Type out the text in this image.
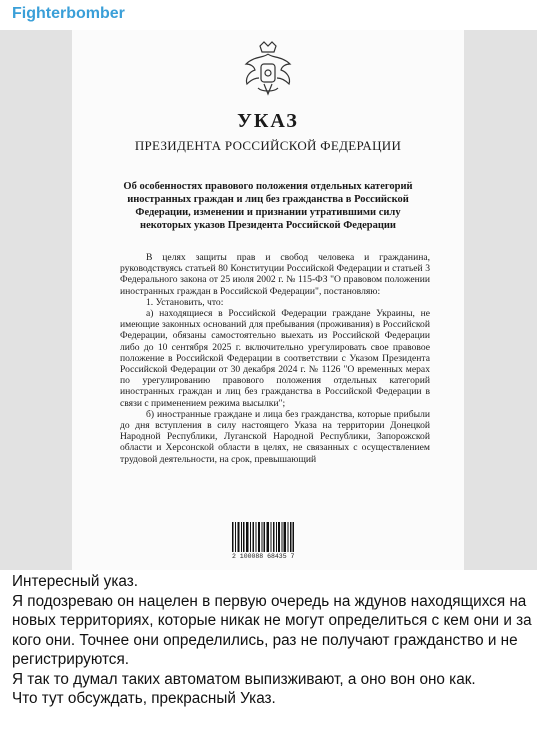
Fighterbomber
УКАЗ
ПРЕЗИДЕНТА РОССИЙСКОЙ ФЕДЕРАЦИИ
Об особенностях правового положения отдельных категорий иностранных граждан и лиц без гражданства в Российской Федерации, изменении и признании утратившими силу некоторых указов Президента Российской Федерации

В целях защиты прав и свобод человека и гражданина, руководствуясь статьей 80 Конституции Российской Федерации и статьей 3 Федерального закона от 25 июля 2002 г. № 115-ФЗ "О правовом положении иностранных граждан в Российской Федерации", постановляю:

1. Установить, что:

а) находящиеся в Российской Федерации граждане Украины, не имеющие законных оснований для пребывания (проживания) в Российской Федерации, обязаны самостоятельно выехать из Российской Федерации либо до 10 сентября 2025 г. включительно урегулировать свое правовое положение в Российской Федерации в соответствии с Указом Президента Российской Федерации от 30 декабря 2024 г. № 1126 "О временных мерах по урегулированию правового положения отдельных категорий иностранных граждан и лиц без гражданства в Российской Федерации в связи с применением режима высылки";

б) иностранные граждане и лица без гражданства, которые прибыли до дня вступления в силу настоящего Указа на территории Донецкой Народной Республики, Луганской Народной Республики, Запорожской области и Херсонской области в целях, не связанных с осуществлением трудовой деятельности, на срок, превышающий

2 100088 68435 7

Интересный указ.

Я подозреваю он нацелен в первую очередь на ждунов находящихся на новых территориях, которые никак не могут определиться с кем они и за кого они. Точнее они определились, раз не получают гражданство и не регистрируются.

Я так то думал таких автоматом выпизживают, а оно вон оно как.

Что тут обсуждать, прекрасный Указ.
